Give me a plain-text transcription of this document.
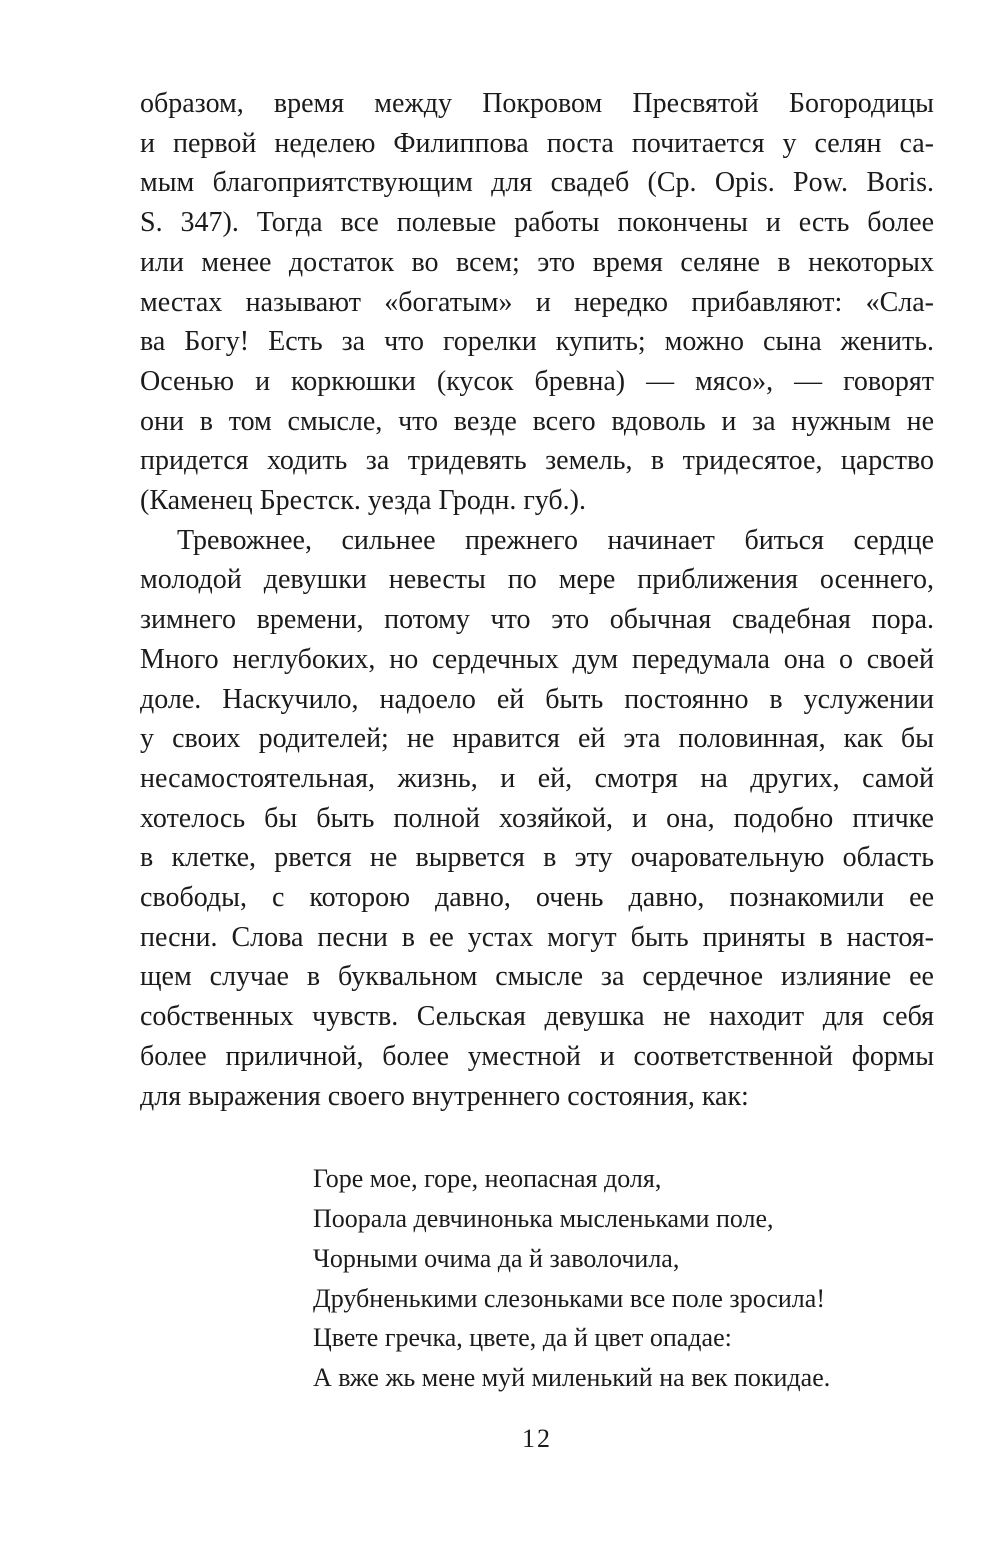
образом, время между Покровом Пресвятой Богородицы
и первой неделею Филиппова поста почитается у селян са-
мым благоприятствующим для свадеб (Ср. Opis. Pow. Boris.
S. 347). Тогда все полевые работы покончены и есть более
или менее достаток во всем; это время селяне в некоторых
местах называют «богатым» и нередко прибавляют: «Сла-
ва Богу! Есть за что горелки купить; можно сына женить.
Осенью и коркюшки (кусок бревна) — мясо», — говорят
они в том смысле, что везде всего вдоволь и за нужным не
придется ходить за тридевять земель, в тридесятое, царство
(Каменец Брестск. уезда Гродн. губ.).

Тревожнее, сильнее прежнего начинает биться сердце
молодой девушки невесты по мере приближения осеннего,
зимнего времени, потому что это обычная свадебная пора.
Много неглубоких, но сердечных дум передумала она о своей
доле. Наскучило, надоело ей быть постоянно в услужении
у своих родителей; не нравится ей эта половинная, как бы
несамостоятельная, жизнь, и ей, смотря на других, самой
хотелось бы быть полной хозяйкой, и она, подобно птичке
в клетке, рвется не вырвется в эту очаровательную область
свободы, с которою давно, очень давно, познакомили ее
песни. Слова песни в ее устах могут быть приняты в настоя-
щем случае в буквальном смысле за сердечное излияние ее
собственных чувств. Сельская девушка не находит для себя
более приличной, более уместной и соответственной формы
для выражения своего внутреннего состояния, как:

Горе мое, горе, неопасная доля,
Поорала девчинонька мысленьками поле,
Чорными очима да й заволочила,
Друбненькими слезоньками все поле зросила!
Цвете гречка, цвете, да й цвет опадае:
А вже жь мене муй миленький на век покидае.
12
